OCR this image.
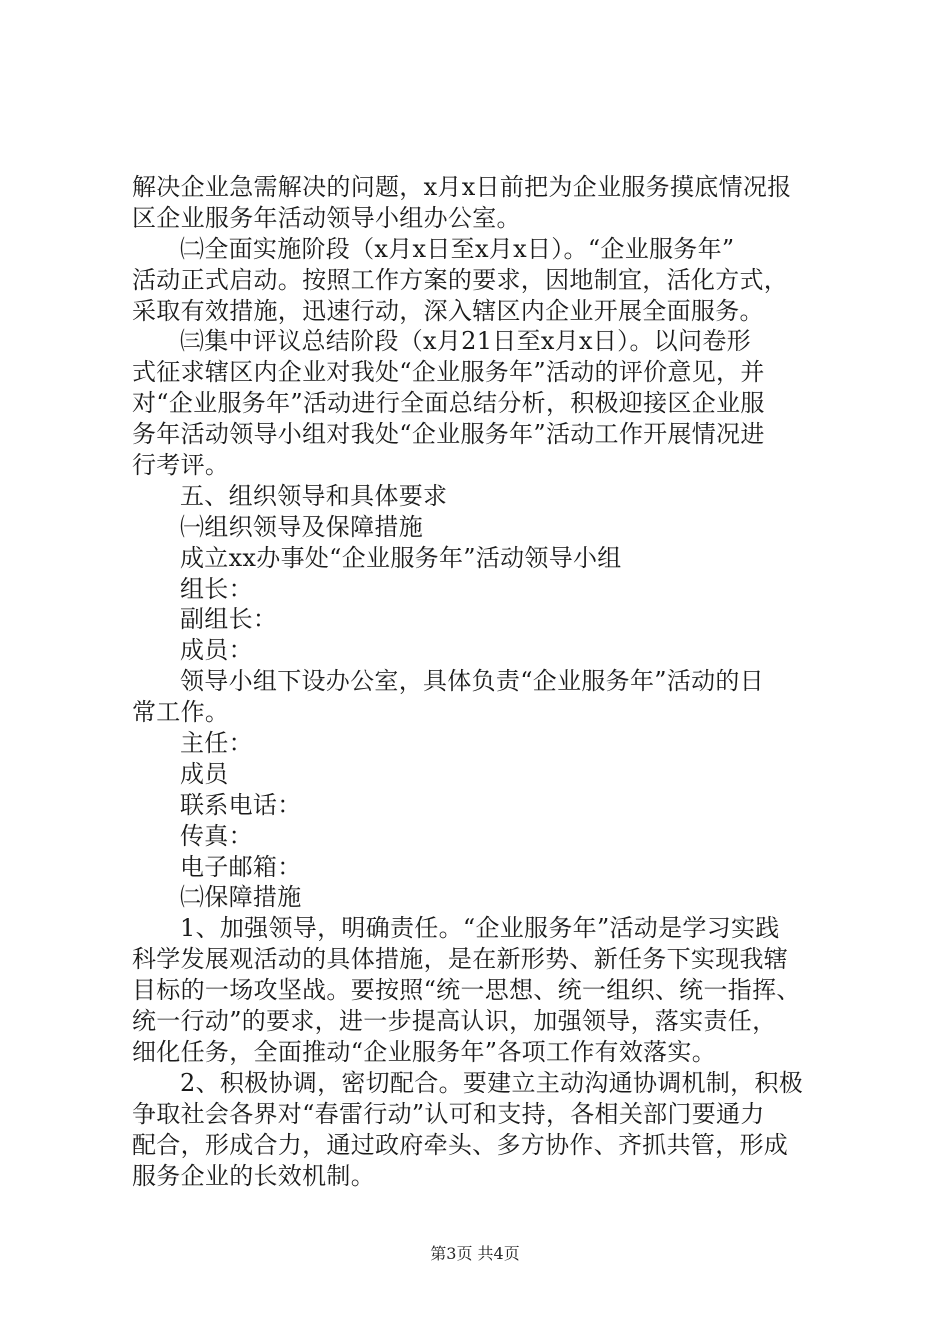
解决企业急需解决的问题，x月x日前把为企业服务摸底情况报
区企业服务年活动领导小组办公室。
㈡全面实施阶段（x月x日至x月x日）。“企业服务年”
活动正式启动。按照工作方案的要求，因地制宜，活化方式，
采取有效措施，迅速行动，深入辖区内企业开展全面服务。
㈢集中评议总结阶段（x月21日至x月x日）。以问卷形
式征求辖区内企业对我处“企业服务年”活动的评价意见，并
对“企业服务年”活动进行全面总结分析，积极迎接区企业服
务年活动领导小组对我处“企业服务年”活动工作开展情况进
行考评。
五、组织领导和具体要求
㈠组织领导及保障措施
成立xx办事处“企业服务年”活动领导小组
组长：
副组长：
成员：
领导小组下设办公室，具体负责“企业服务年”活动的日
常工作。
主任：
成员
联系电话：
传真：
电子邮箱：
㈡保障措施
1、加强领导，明确责任。“企业服务年”活动是学习实践
科学发展观活动的具体措施，是在新形势、新任务下实现我辖
目标的一场攻坚战。要按照“统一思想、统一组织、统一指挥、
统一行动”的要求，进一步提高认识，加强领导，落实责任，
细化任务，全面推动“企业服务年”各项工作有效落实。
2、积极协调，密切配合。要建立主动沟通协调机制，积极
争取社会各界对“春雷行动”认可和支持，各相关部门要通力
配合，形成合力，通过政府牵头、多方协作、齐抓共管，形成
服务企业的长效机制。
第3页 共4页
